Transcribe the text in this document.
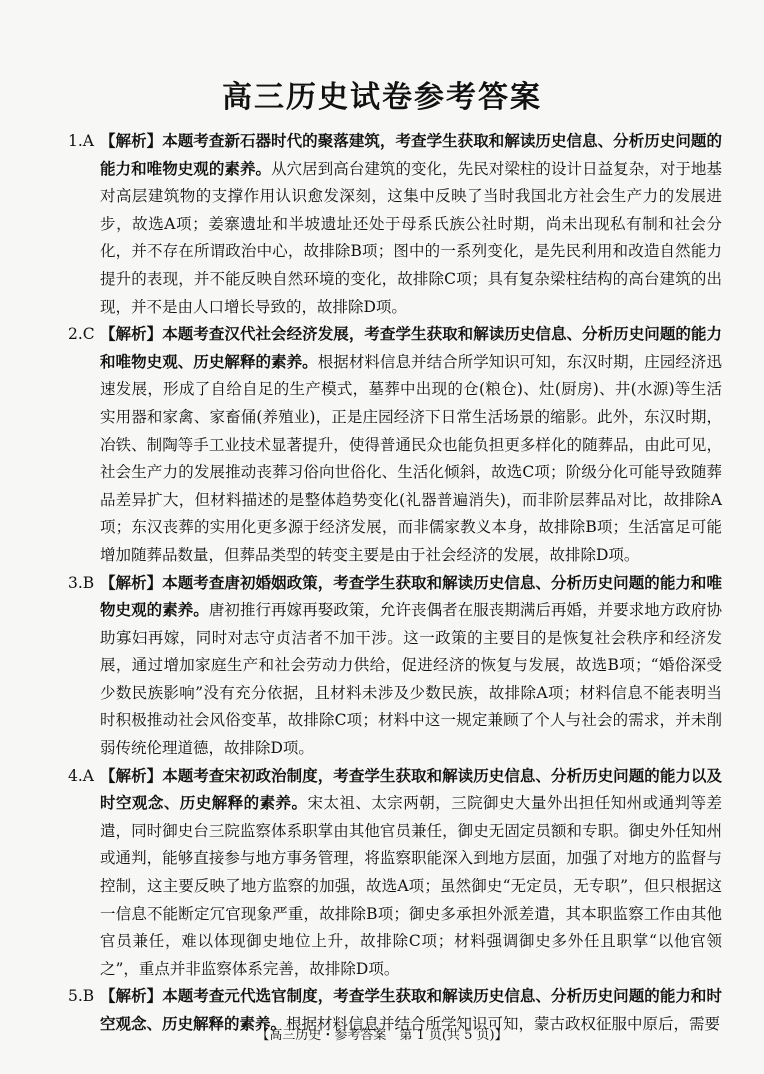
高三历史试卷参考答案

1.A 【解析】本题考查新石器时代的聚落建筑，考查学生获取和解读历史信息、分析历史问题的能力和唯物史观的素养。从穴居到高台建筑的变化，先民对梁柱的设计日益复杂，对于地基对高层建筑物的支撑作用认识愈发深刻，这集中反映了当时我国北方社会生产力的发展进步，故选A项；姜寨遗址和半坡遗址还处于母系氏族公社时期，尚未出现私有制和社会分化，并不存在所谓政治中心，故排除B项；图中的一系列变化，是先民利用和改造自然能力提升的表现，并不能反映自然环境的变化，故排除C项；具有复杂梁柱结构的高台建筑的出现，并不是由人口增长导致的，故排除D项。

2.C 【解析】本题考查汉代社会经济发展，考查学生获取和解读历史信息、分析历史问题的能力和唯物史观、历史解释的素养。根据材料信息并结合所学知识可知，东汉时期，庄园经济迅速发展，形成了自给自足的生产模式，墓葬中出现的仓(粮仓)、灶(厨房)、井(水源)等生活实用器和家禽、家畜俑(养殖业)，正是庄园经济下日常生活场景的缩影。此外，东汉时期，冶铁、制陶等手工业技术显著提升，使得普通民众也能负担更多样化的随葬品，由此可见，社会生产力的发展推动丧葬习俗向世俗化、生活化倾斜，故选C项；阶级分化可能导致随葬品差异扩大，但材料描述的是整体趋势变化(礼器普遍消失)，而非阶层葬品对比，故排除A项；东汉丧葬的实用化更多源于经济发展，而非儒家教义本身，故排除B项；生活富足可能增加随葬品数量，但葬品类型的转变主要是由于社会经济的发展，故排除D项。

3.B 【解析】本题考查唐初婚姻政策，考查学生获取和解读历史信息、分析历史问题的能力和唯物史观的素养。唐初推行再嫁再娶政策，允许丧偶者在服丧期满后再婚，并要求地方政府协助寡妇再嫁，同时对志守贞洁者不加干涉。这一政策的主要目的是恢复社会秩序和经济发展，通过增加家庭生产和社会劳动力供给，促进经济的恢复与发展，故选B项；“婚俗深受少数民族影响”没有充分依据，且材料未涉及少数民族，故排除A项；材料信息不能表明当时积极推动社会风俗变革，故排除C项；材料中这一规定兼顾了个人与社会的需求，并未削弱传统伦理道德，故排除D项。

4.A 【解析】本题考查宋初政治制度，考查学生获取和解读历史信息、分析历史问题的能力以及时空观念、历史解释的素养。宋太祖、太宗两朝，三院御史大量外出担任知州或通判等差遣，同时御史台三院监察体系职掌由其他官员兼任，御史无固定员额和专职。御史外任知州或通判，能够直接参与地方事务管理，将监察职能深入到地方层面，加强了对地方的监督与控制，这主要反映了地方监察的加强，故选A项；虽然御史“无定员，无专职”，但只根据这一信息不能断定冗官现象严重，故排除B项；御史多承担外派差遣，其本职监察工作由其他官员兼任，难以体现御史地位上升，故排除C项；材料强调御史多外任且职掌“以他官领之”，重点并非监察体系完善，故排除D项。

5.B 【解析】本题考查元代选官制度，考查学生获取和解读历史信息、分析历史问题的能力和时空观念、历史解释的素养。根据材料信息并结合所学知识可知，蒙古政权征服中原后，需要

【高三历史・参考答案　第 1 页(共 5 页)】
